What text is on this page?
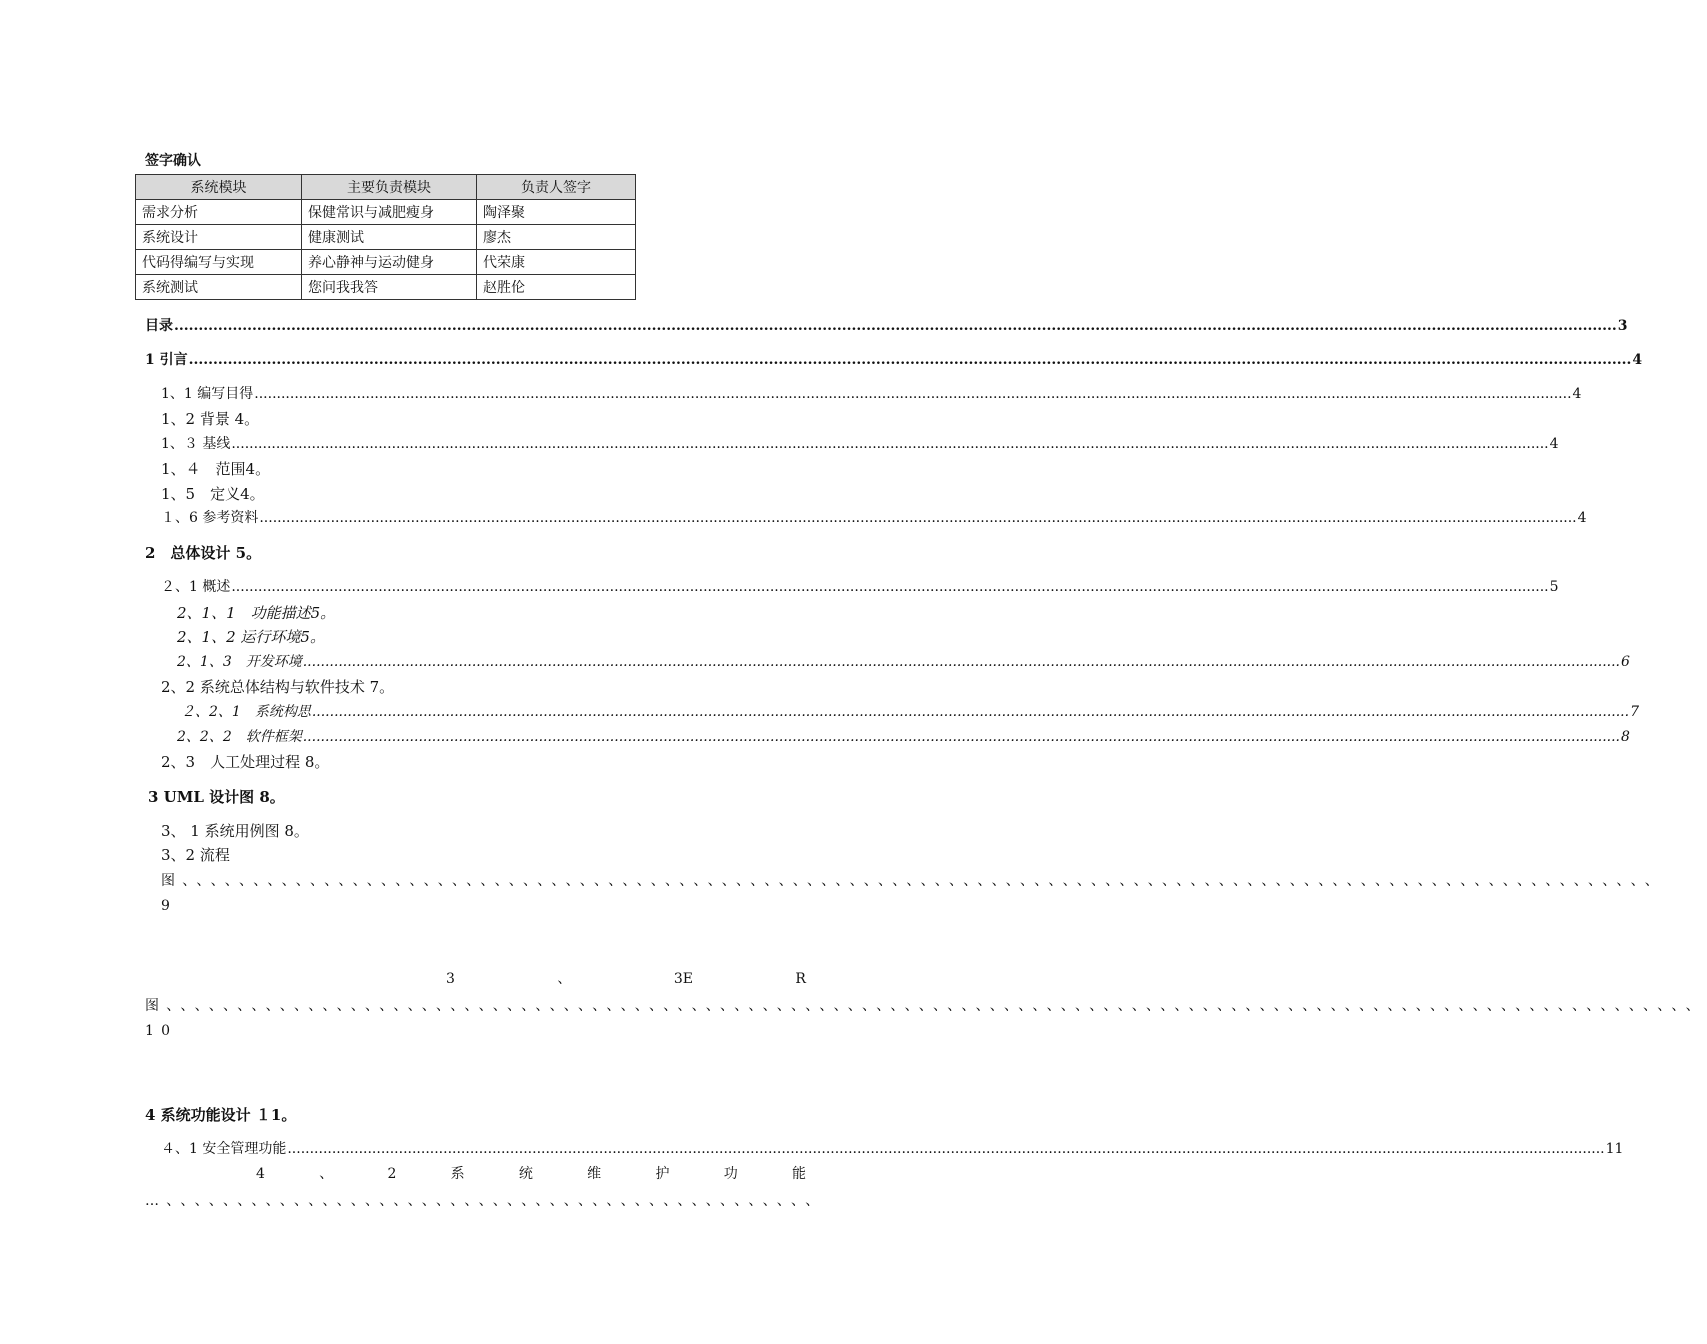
签字确认
系统模块	主要负责模块	负责人签字
需求分析	保健常识与减肥瘦身	陶泽聚
系统设计	健康测试	廖杰
代码得编写与实现	养心静神与运动健身	代荣康
系统测试	您问我我答	赵胜伦
目录 .....	3
1 引言 .....	4
1、1 编写目得 .....	4
1、2 背景 4。
1、３ 基线 .....	4
1、４　范围4。
1、5　定义4。
１、6 参考资料 .....	4
2　总体设计 5。
２、1 概述 .....	5
2、1、1　功能描述5。
2、1、2 运行环境5。
2、1、3　开发环境 .....	6
2、2 系统总体结构与软件技术 7。
２、2、1　系统构思 .....	7
2、2、2　软件框架 .....	8
2、3　人工处理过程 8。
3 UML 设计图 8。
3、 1 系统用例图 8。
3、2 流程
图、、、、、、、、、、、、、、、、、、、、、、、、、、、、、、、、、、、、、、、、、、、、、、、、、、、、、、、、、、、、、、、、、、、、、、、、、、、、、、、、、、、、、、、、、、、、、、、、、、、、、、、、9
3	、	3E	R
图、、、、、、、、、、、、、、、、、、、、、、、、、、、、、、、、、、、、、、、、、、、、、、、、、、、、、、、、、、、、、、、、、、、、、、、、、、、、、、、、、、、、、、、、、、、、、、、、、、、、、、、、、、、、10
4 系统功能设计 １1。
４、1 安全管理功能 .....	11
4	、	2	系	统	维	护	功	能
…、、、、、、、、、、、、、、、、、、、、、、、、、、、、、、、、、、、、、、、、、、、、、、
